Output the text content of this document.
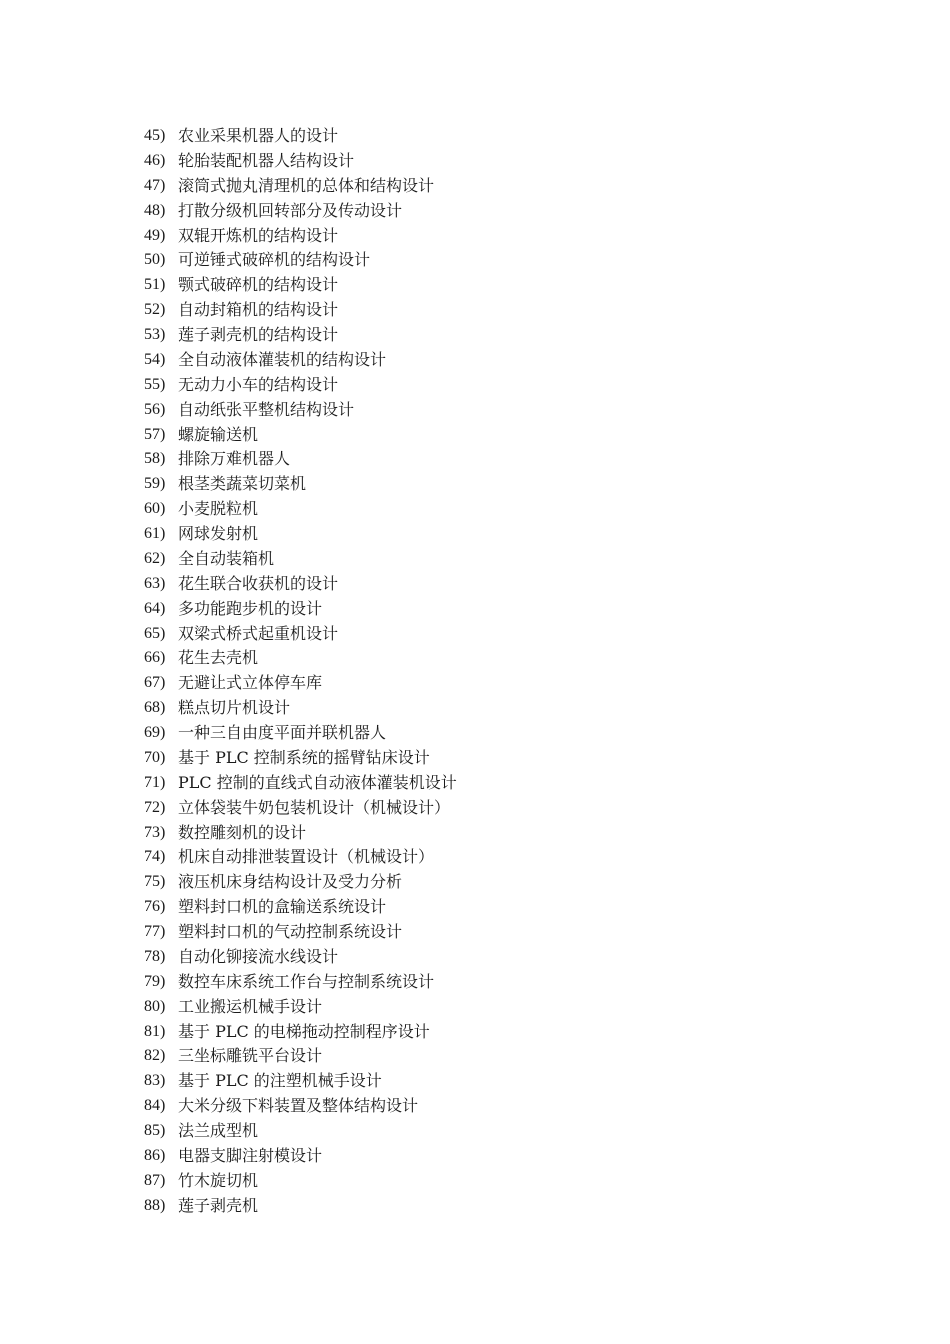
45) 农业采果机器人的设计
46) 轮胎装配机器人结构设计
47) 滚筒式抛丸清理机的总体和结构设计
48) 打散分级机回转部分及传动设计
49) 双辊开炼机的结构设计
50) 可逆锤式破碎机的结构设计
51) 颚式破碎机的结构设计
52) 自动封箱机的结构设计
53) 莲子剥壳机的结构设计
54) 全自动液体灌装机的结构设计
55) 无动力小车的结构设计
56) 自动纸张平整机结构设计
57) 螺旋输送机
58) 排除万难机器人
59) 根茎类蔬菜切菜机
60) 小麦脱粒机
61) 网球发射机
62) 全自动装箱机
63) 花生联合收获机的设计
64) 多功能跑步机的设计
65) 双梁式桥式起重机设计
66) 花生去壳机
67) 无避让式立体停车库
68) 糕点切片机设计
69) 一种三自由度平面并联机器人
70) 基于 PLC 控制系统的摇臂钻床设计
71) PLC 控制的直线式自动液体灌装机设计
72) 立体袋装牛奶包装机设计（机械设计）
73) 数控雕刻机的设计
74) 机床自动排泄装置设计（机械设计）
75) 液压机床身结构设计及受力分析
76) 塑料封口机的盒输送系统设计
77) 塑料封口机的气动控制系统设计
78) 自动化铆接流水线设计
79) 数控车床系统工作台与控制系统设计
80) 工业搬运机械手设计
81) 基于 PLC 的电梯拖动控制程序设计
82) 三坐标雕铣平台设计
83) 基于 PLC 的注塑机械手设计
84) 大米分级下料装置及整体结构设计
85) 法兰成型机
86) 电器支脚注射模设计
87) 竹木旋切机
88) 莲子剥壳机
